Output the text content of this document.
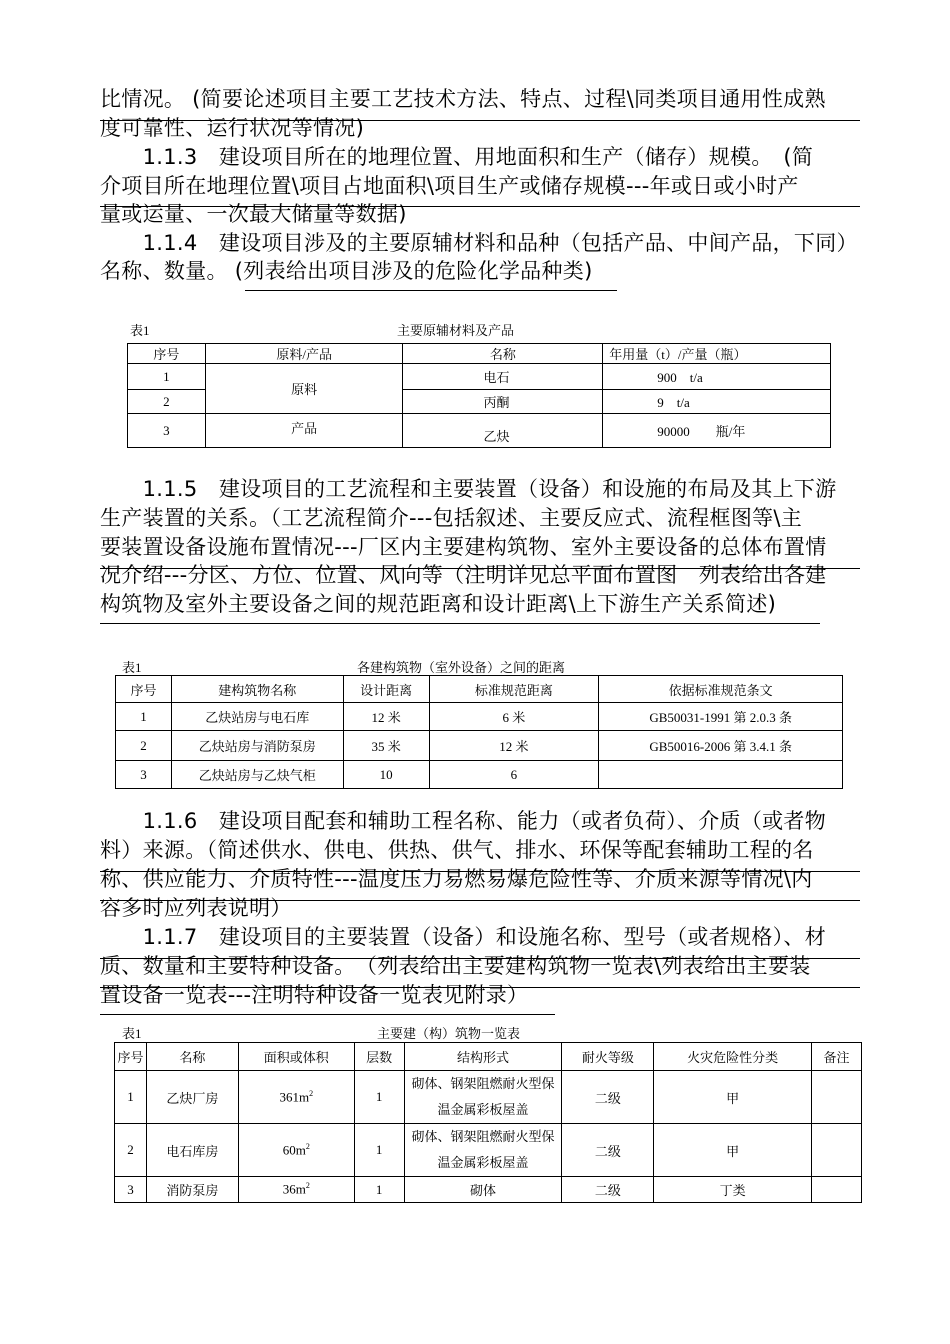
比情况。 (简要论述项目主要工艺技术方法、特点、过程\同类项目通用性成熟
度可靠性、运行状况等情况)
　　1.1.3　建设项目所在的地理位置、用地面积和生产（储存）规模。　(简
介项目所在地理位置\项目占地面积\项目生产或储存规模---年或日或小时产
量或运量、一次最大储量等数据)
　　1.1.4　建设项目涉及的主要原辅材料和品种（包括产品、中间产品，下同）
名称、数量。 (列表给出项目涉及的危险化学品种类)
表1	主要原辅材料及产品
序号	原料/产品	名称	年用量（t）/产量（瓶）
1	原料	电石	900　t/a
2		丙酮	9　t/a
3	产品	乙炔	90000　　瓶/年
　　1.1.5　建设项目的工艺流程和主要装置（设备）和设施的布局及其上下游
生产装置的关系。（工艺流程简介---包括叙述、主要反应式、流程框图等\主
要装置设备设施布置情况---厂区内主要建构筑物、室外主要设备的总体布置情
况介绍---分区、方位、位置、风向等（注明详见总平面布置图　列表给出各建
构筑物及室外主要设备之间的规范距离和设计距离\上下游生产关系简述)
表1	各建构筑物（室外设备）之间的距离
序号	建构筑物名称	设计距离	标准规范距离	依据标准规范条文
1	乙炔站房与电石库	12 米	6 米	GB50031-1991 第 2.0.3 条
2	乙炔站房与消防泵房	35 米	12 米	GB50016-2006 第 3.4.1 条
3	乙炔站房与乙炔气柜	10	6	
　　1.1.6　建设项目配套和辅助工程名称、能力（或者负荷）、介质（或者物
料）来源。（简述供水、供电、供热、供气、排水、环保等配套辅助工程的名
称、供应能力、介质特性---温度压力易燃易爆危险性等、介质来源等情况\内
容多时应列表说明）
　　1.1.7　建设项目的主要装置（设备）和设施名称、型号（或者规格）、材
质、数量和主要特种设备。　（列表给出主要建构筑物一览表\列表给出主要装
置设备一览表---注明特种设备一览表见附录）
表1	主要建（构）筑物一览表
序号	名称	面积或体积	层数	结构形式	耐火等级	火灾危险性分类	备注
1	乙炔厂房	$361m^2$	1	砌体、钢架阻燃耐火型保
温金属彩板屋盖	二级	甲	
2	电石库房	$60m^2$	1	砌体、钢架阻燃耐火型保
温金属彩板屋盖	二级	甲	
3	消防泵房	$36m^2$	1	砌体	二级	丁类	
